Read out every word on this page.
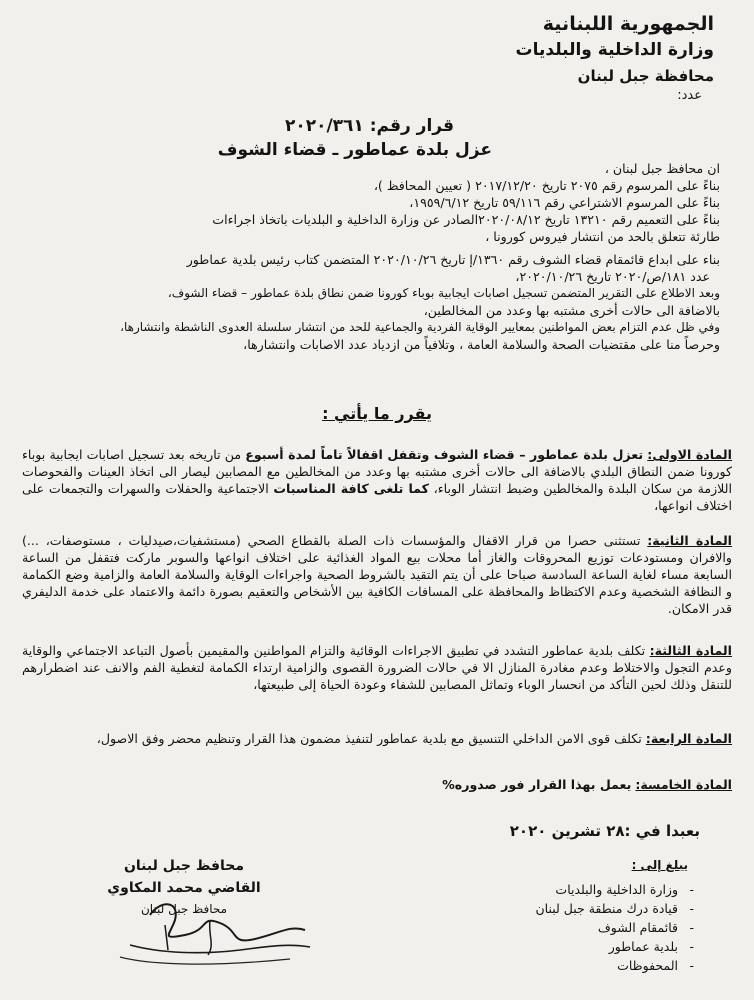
الجمهورية اللبنانية
وزارة الداخلية والبلديات
محافظة جبل لبنان
عدد:
قرار رقم: ٢٠٢٠/٣٦١
عزل بلدة عماطور ـ قضاء الشوف
ان محافظ جبل لبنان ،
بناءً على المرسوم رقم ٢٠٧٥ تاريخ ٢٠١٧/١٢/٢٠ ( تعيين المحافظ )،
بناءً على المرسوم الاشتراعي رقم ٥٩/١١٦ تاريخ ١٩٥٩/٦/١٢،
بناءً على التعميم رقم ١٣٢١٠ تاريخ ٢٠٢٠/٠٨/١٢الصادر عن وزارة الداخلية و البلديات باتخاذ اجراءات
طارئة تتعلق بالحد من انتشار فيروس كورونا ،
بناء على ابداع قائمقام قضاء الشوف رقم ١٣٦٠/إ تاريخ ٢٠٢٠/١٠/٢٦ المتضمن كتاب رئيس بلدية عماطور
عدد ١٨١/ص/٢٠٢٠ تاريخ ٢٠٢٠/١٠/٢٦،
وبعد الاطلاع على التقرير المتضمن تسجيل اصابات ايجابية بوباء كورونا ضمن نطاق بلدة عماطور – قضاء الشوف،
بالاضافة الى حالات أخرى مشتبه بها وعدد من المخالطين،
وفي ظل عدم التزام بعض المواطنين بمعايير الوقاية الفردية والجماعية للحد من انتشار سلسلة العدوى الناشطة وانتشارها،
وحرصاً منا على مقتضيات الصحة والسلامة العامة ، وتلافياً من ازدياد عدد الاصابات وانتشارها،
يقرر ما يأتي :
المادة الاولى: تعزل بلدة عماطور – قضاء الشوف وتقفل اقفالاً تاماً لمدة أسبوع من تاريخه بعد تسجيل اصابات ايجابية بوباء كورونا ضمن النطاق البلدي بالاضافة الى حالات أخرى مشتبه بها وعدد من المخالطين مع المصابين ليصار الى اتخاذ العينات والفحوصات اللازمة من سكان البلدة والمخالطين وضبط انتشار الوباء، كما تلغى كافة المناسبات الاجتماعية والحفلات والسهرات والتجمعات على اختلاف انواعها،
المادة الثانية: تستثنى حصرا من قرار الاقفال والمؤسسات ذات الصلة بالقطاع الصحي (مستشفيات،صيدليات ، مستوصفات، ...) والافران ومستودعات توزيع المحروقات والغاز أما محلات بيع المواد الغذائية على اختلاف انواعها والسوبر ماركت فتقفل من الساعة السابعة مساء لغاية الساعة السادسة صباحا على أن يتم التقيد بالشروط الصحية واجراءات الوقاية والسلامة العامة والزامية وضع الكمامة و النظافة الشخصية وعدم الاكتظاظ والمحافظة على المسافات الكافية بين الأشخاص والتعقيم بصورة دائمة والاعتماد على خدمة الدليفري قدر الامكان.
المادة الثالثة: تكلف بلدية عماطور التشدد في تطبيق الاجراءات الوقائية والتزام المواطنين والمقيمين بأصول التباعد الاجتماعي والوقاية وعدم التجول والاختلاط وعدم مغادرة المنازل الا في حالات الضرورة القصوى والزامية ارتداء الكمامة لتغطية الفم والانف عند اضطرارهم للتنقل وذلك لحين التأكد من انحسار الوباء وتماثل المصابين للشفاء وعودة الحياة إلى طبيعتها،
المادة الرابعة: تكلف قوى الامن الداخلي التنسيق مع بلدية عماطور لتنفيذ مضمون هذا القرار وتنظيم محضر وفق الاصول،
المادة الخامسة: يعمل بهذا القرار فور صدوره%
بعبدا في :٢٨ تشرين ٢٠٢٠
محافظ جبل لبنان
القاضي محمد المكاوي
محافظ جبل لبنان
يبلغ إلى :
- وزارة الداخلية والبلديات
- قيادة درك منطقة جبل لبنان
- قائمقام الشوف
- بلدية عماطور
- المحفوظات
